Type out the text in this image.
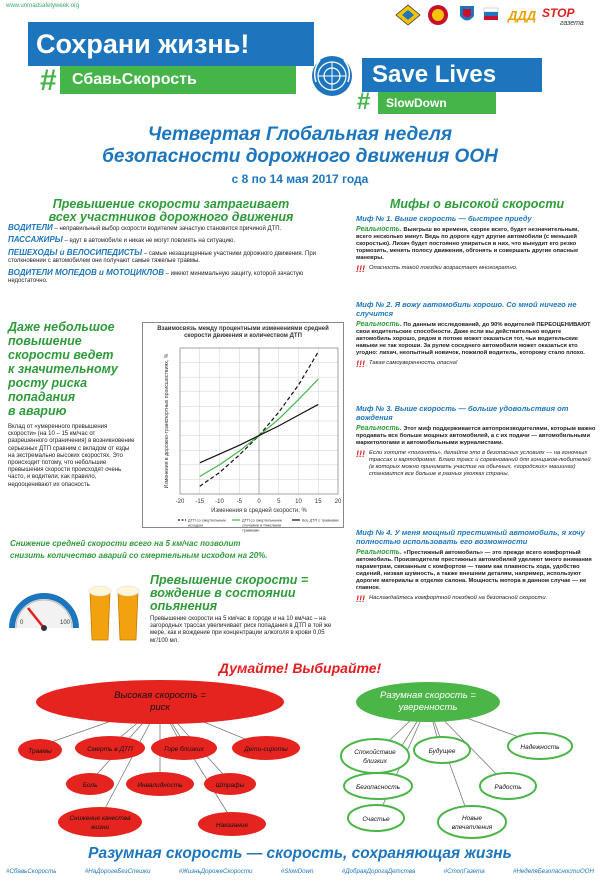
www.unroadsafetyweek.org
ДДД STOP
газета
Сохрани жизнь!
СбавьСкорость
#	Save Lives
SlowDown
#
Четвертая Глобальная неделя
безопасности дорожного движения ООН
с 8 по 14 мая 2017 года
Превышение скорости затрагивает
всех участников дорожного движения
ВОДИТЕЛИ – неправильный выбор скорости водителем зачастую становится причиной ДТП.
ПАССАЖИРЫ – едут в автомобиле и никак не могут повлиять на ситуацию.
ПЕШЕХОДЫ и ВЕЛОСИПЕДИСТЫ – самые незащищенные участники дорожного движения. При столкновении с автомобилем они получают самые тяжелые травмы.
ВОДИТЕЛИ МОПЕДОВ и МОТОЦИКЛОВ – имеют минимальную защиту, которой зачастую недостаточно.
Даже небольшое
повышение
скорости ведет
к значительному
росту риска
попадания
в аварию
Вклад от «умеренного превышения скорости» (на 10 – 15 км/час от разрешенного ограничения) в возникновение серьезных ДТП сравним с вкладом от езды на экстремально высоких скоростях. Это происходит потому, что небольшие превышения скорости происходят очень часто, и водители, как правило, недооценивают их опасность
Взаимосвязь между процентными изменениями средней скорости движения и количеством ДТП
-20 -15 -10 -5	0	5 10 15 20
Изменения в средней скорости, %
Изменения в дорожно-транспортных происшествиях, %
ДТП со смертельным
исходом
ДТП со смертельными
случаями и тяжелыми
травмами
Все ДТП с травмами
Снижение средней скорости всего на 5 км/час позволит
снизить количество аварий со смертельным исходом на 20%.
0	100
Превышение скорости =
вождение в состоянии
опьянения
Превышение скорости на 5 км/час в городе и на 10 км/час – на загородных трассах увеличивает риск попадания в ДТП в той же мере, как и вождение при концентрации алкоголя в крови 0,05 мг/100 мл.
Мифы о высокой скорости
Миф № 1. Выше скорость — быстрее приеду
Реальность. Выигрыш во времени, скорее всего, будет незначительным, всего несколько минут. Ведь по дороге едут другие автомобили (с меньшей скоростью). Лихач будет постоянно упираться в них, что вынудит его резко тормозить, менять полосу движения, обгонять и совершать другие опасные маневры.
!!! Опасность такой поездки возрастает многократно.
Миф № 2. Я вожу автомобиль хорошо. Со мной ничего не случится
Реальность. По данным исследований, до 90% водителей ПЕРЕОЦЕНИВАЮТ свои водительские способности. Даже если вы действительно водите автомобиль хорошо, рядом в потоке может оказаться тот, чьи водительские навыки не так хороши. За рулем соседнего автомобиля может оказаться кто угодно: лихач, неопытный новичок, пожилой водитель, которому стало плохо.
!!! Такая самоуверенность опасна!
Миф № 3. Выше скорость — больше удовольствия от вождения
Реальность. Этот миф поддерживается автопроизводителями, которым важно продавать все больше мощных автомобилей, а с их подачи — автомобильными маркетологами и автомобильными журналистами.
!!! Если хотите «погонять», делайте это в безопасных условиях — на гоночных трассах и картодромах. Благо трасс и соревнований для гонщиков-любителей (в которых можно принимать участие на обычных, «городских» машинах) становится все больше в разных уголках страны.
Миф № 4. У меня мощный престижный автомобиль, я хочу полностью использовать его возможности
Реальность. «Престижный автомобиль» — это прежде всего комфортный автомобиль. Производители престижных автомобилей уделяют много внимания параметрам, связанным с комфортом — таким как плавность хода, удобство сидений, низкая шумность, а также внешним деталям, например, используют дорогие материалы в отделке салона. Мощность мотора в данном случае — не главное.
!!! Наслаждайтесь комфортной поездкой на безопасной скорости.
Думайте! Выбирайте!
Высокая скорость =
риск
Травмы	Смерть в ДТП	Горе близких	Дети-сироты
Боль	Инвалидность	Штрафы
Снижение качества
жизни	Наказание
Разумная скорость =
уверенность
Спокойствие
близких
Будущее
Надежность
Безопасность	Радость
Счастье	Новые
впечатления
Разумная скорость — скорость, сохраняющая жизнь
#СбавьСкорость	#НаДорогеБезСпешки	#ЖизньДорожеСкорости	#SlowDown	#ДобраяДорогаДетства	#СтопГазета	#НеделяБезопасностиООН
